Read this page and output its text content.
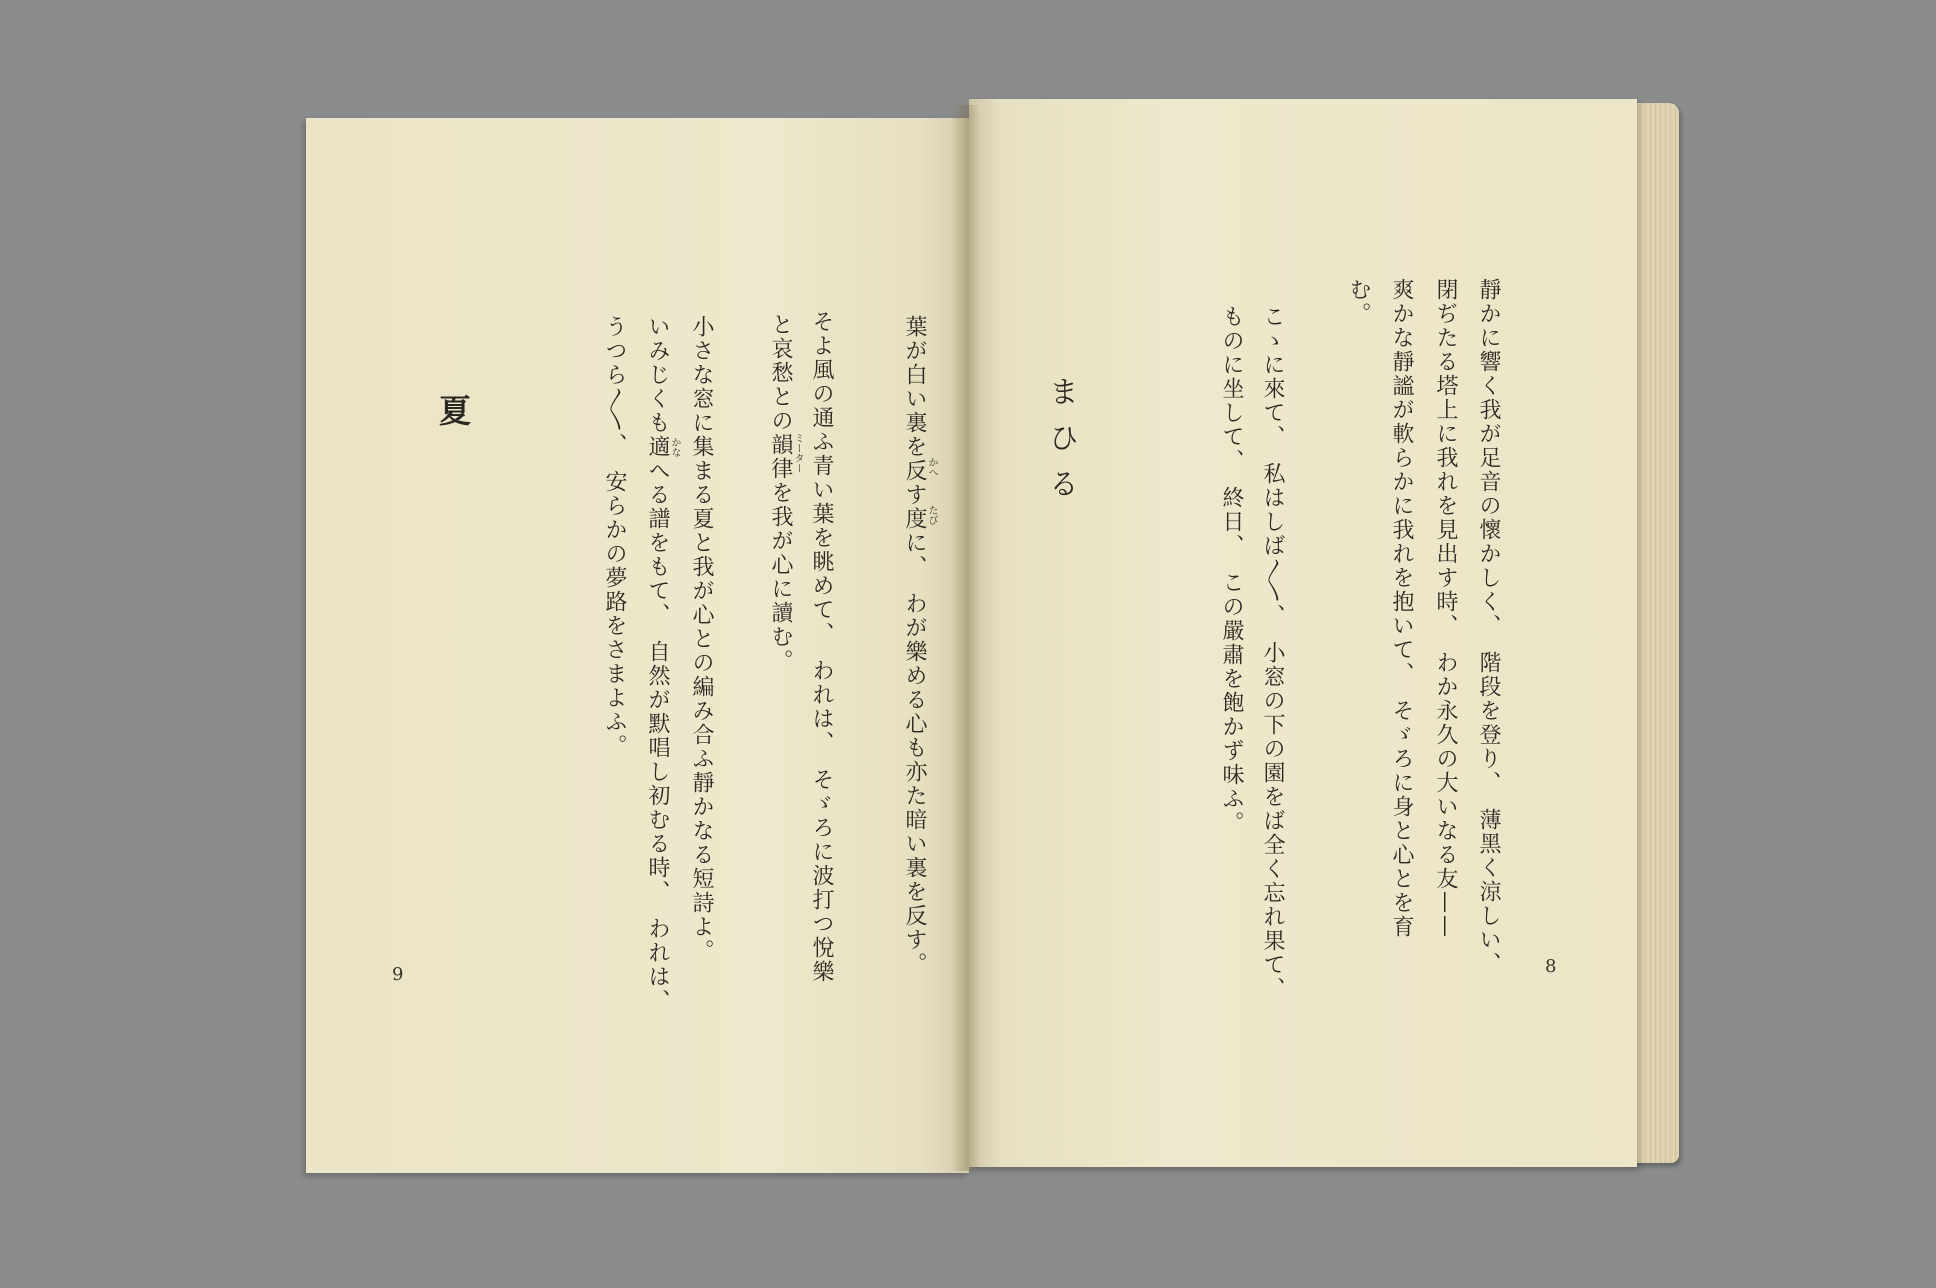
夏	葉が白い裏を反す度に、　わが樂める心も亦た暗い裏を反す。
そよ風の通ふ青い葉を眺めて、　われは、　そゞろに波打つ悅樂
と哀愁との韻律を我が心に讀む。
小さな窓に集まる夏と我が心との編み合ふ靜かなる短詩よ。
いみじくも適へる譜をもて、　自然が默唱し初むる時、　われは、
うつら〳〵、　安らかの夢路をさまよふ。	かへ
たび
ミーター
かな
9	靜かに響く我が足音の懷かしく、　階段を登り、　薄黑く涼しい、
閉ぢたる塔上に我れを見出す時、　わか永久の大いなる友——
爽かな靜謐が軟らかに我れを抱いて、　そゞろに身と心とを育
む。
まひる	こゝに來て、　私はしば〳〵、　小窓の下の園をば全く忘れ果て、
ものに坐して、　終日、　この嚴肅を飽かず味ふ。
8
